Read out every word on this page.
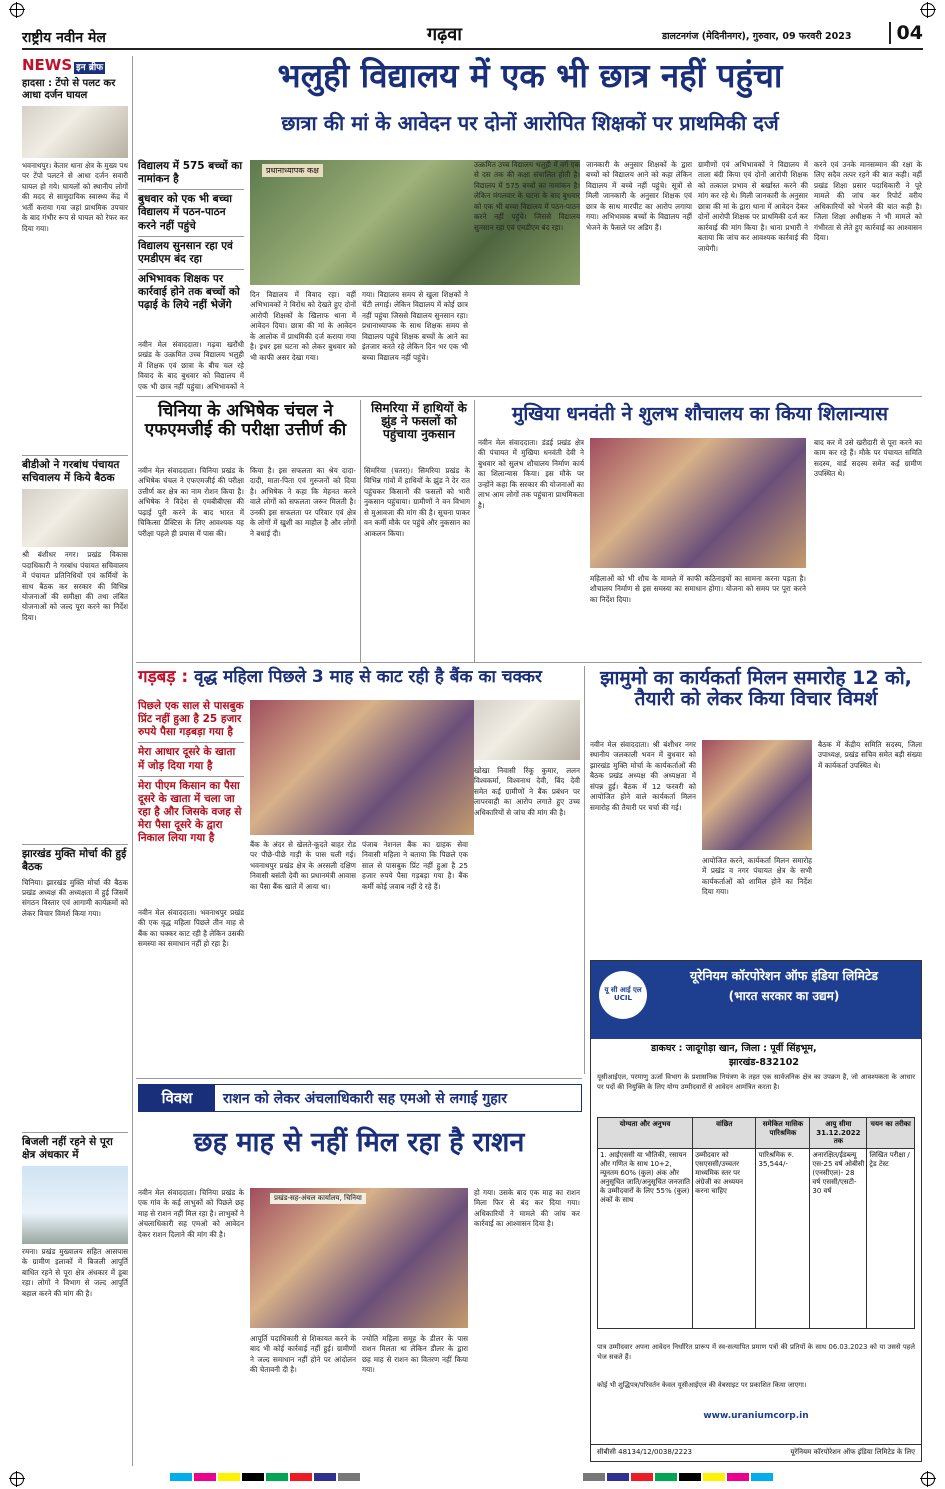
राष्ट्रीय नवीन मेल	गढ़वा	डालटनगंज (मेदिनीनगर), गुरुवार, 09 फरवरी 2023	04
NEWS इन ब्रीफ
हादसा : टेंपो से पलट कर आधा दर्जन घायल
भवनाथपुर। केतार थाना क्षेत्र के मुख्य पथ पर टेंपो पलटने से आधा दर्जन सवारी घायल हो गये। घायलों को स्थानीय लोगों की मदद से सामुदायिक स्वास्थ्य केंद्र में भर्ती कराया गया जहां प्राथमिक उपचार के बाद गंभीर रूप से घायल को रेफर कर दिया गया।
बीडीओ ने गरबांध पंचायत सचिवालय में किये बैठक
श्री बंशीधर नगर। प्रखंड विकास पदाधिकारी ने गरबांध पंचायत सचिवालय में पंचायत प्रतिनिधियों एवं कर्मियों के साथ बैठक कर सरकार की विभिन्न योजनाओं की समीक्षा की तथा लंबित योजनाओं को जल्द पूरा करने का निर्देश दिया।
झारखंड मुक्ति मोर्चा की हुई बैठक
चिनिया। झारखंड मुक्ति मोर्चा की बैठक प्रखंड अध्यक्ष की अध्यक्षता में हुई जिसमें संगठन विस्तार एवं आगामी कार्यक्रमों को लेकर विचार विमर्श किया गया।
बिजली नहीं रहने से पूरा क्षेत्र अंधकार में
रमना। प्रखंड मुख्यालय सहित आसपास के ग्रामीण इलाकों में बिजली आपूर्ति बाधित रहने से पूरा क्षेत्र अंधकार में डूबा रहा। लोगों ने विभाग से जल्द आपूर्ति बहाल करने की मांग की है।
भलुही विद्यालय में एक भी छात्र नहीं पहुंचा
छात्रा की मां के आवेदन पर दोनों आरोपित शिक्षकों पर प्राथमिकी दर्ज
विद्यालय में 575 बच्चों का नामांकन है
बुधवार को एक भी बच्चा विद्यालय में पठन-पाठन करने नहीं पहुंचे
विद्यालय सुनसान रहा एवं एमडीएम बंद रहा
अभिभावक शिक्षक पर कार्रवाई होने तक बच्चों को पढ़ाई के लिये नहीं भेजेंगे
प्रधानाध्यापक कक्ष
नवीन मेल संवाददाता। गढ़वा खरौंधी प्रखंड के उत्क्रमित उच्च विद्यालय भलुही में शिक्षक एवं छात्रा के बीच चल रहे विवाद के बाद बुधवार को विद्यालय में एक भी छात्र नहीं पहुंचा। अभिभावकों ने
दिन विद्यालय में विवाद रहा। वहीं अभिभावकों ने विरोध को देखते हुए दोनों आरोपी शिक्षकों के खिलाफ थाना में आवेदन दिया। छात्रा की मां के आवेदन के आलोक में प्राथमिकी दर्ज कराया गया है। इधर इस घटना को लेकर बुधवार को भी काफी असर देखा गया।
गया। विद्यालय समय से खुला शिक्षकों ने चेंटी लगाई। लेकिन विद्यालय में कोई छात्र नहीं पहुंचा जिससे विद्यालय सुनसान रहा। प्रधानाध्यापक के साथ शिक्षक समय से विद्यालय पहुंचे शिक्षक बच्चों के आने का इंतजार करते रहे लेकिन दिन भर एक भी बच्चा विद्यालय नहीं पहुंचे।
उत्क्रमित उच्च विद्यालय भलुही में वर्ग एक से दस तक की कक्षा संचालित होती है। विद्यालय में 575 बच्चों का नामांकन है। लेकिन मंगलवार के घटना के बाद बुधवार को एक भी बच्चा विद्यालय में पठन-पाठन करने नहीं पहुंचे। जिससे विद्यालय सुनसान रहा एवं एमडीएम बंद रहा।
जानकारी के अनुसार शिक्षकों के द्वारा बच्चों को विद्यालय आने को कहा लेकिन विद्यालय में बच्चे नहीं पहुंचे। सूत्रों से मिली जानकारी के अनुसार शिक्षक एवं छात्र के साथ मारपीट का आरोप लगाया गया। अभिभावक बच्चों के विद्यालय नहीं भेजने के फैसले पर अडिग हैं।
ग्रामीणों एवं अभिभावकों ने विद्यालय में ताला बंदी किया एवं दोनों आरोपी शिक्षक को तत्काल प्रभाव से बर्खास्त करने की मांग कर रहे थे। मिली जानकारी के अनुसार छात्रा की मां के द्वारा थाना में आवेदन देकर दोनों आरोपी शिक्षक पर प्राथमिकी दर्ज कर कार्रवाई की मांग किया है। थाना प्रभारी ने बताया कि जांच कर आवश्यक कार्रवाई की जायेगी।
करने एवं उनके मानसम्मान की रक्षा के लिए सदैव तत्पर रहने की बात कही। वहीं प्रखंड शिक्षा प्रसार पदाधिकारी ने पूरे मामले की जांच कर रिपोर्ट वरीय अधिकारियों को भेजने की बात कही है। जिला शिक्षा अधीक्षक ने भी मामले को गंभीरता से लेते हुए कार्रवाई का आश्वासन दिया।
चिनिया के अभिषेक चंचल ने एफएमजीई की परीक्षा उत्तीर्ण की
नवीन मेल संवाददाता। चिनिया प्रखंड के अभिषेक चंचल ने एफएमजीई की परीक्षा उत्तीर्ण कर क्षेत्र का नाम रोशन किया है। अभिषेक ने विदेश से एमबीबीएस की पढ़ाई पूरी करने के बाद भारत में चिकित्सा प्रैक्टिस के लिए आवश्यक यह परीक्षा पहले ही प्रयास में पास की।
किया है। इस सफलता का श्रेय दादा-दादी, माता-पिता एवं गुरुजनों को दिया है। अभिषेक ने कहा कि मेहनत करने वाले लोगों को सफलता जरूर मिलती है। उनकी इस सफलता पर परिवार एवं क्षेत्र के लोगों में खुशी का माहौल है और लोगों ने बधाई दी।
सिमरिया में हाथियों के झुंड ने फसलों को पहुंचाया नुकसान
सिमरिया (चतरा)। सिमरिया प्रखंड के विभिन्न गांवों में हाथियों के झुंड ने देर रात पहुंचकर किसानों की फसलों को भारी नुकसान पहुंचाया। ग्रामीणों ने वन विभाग से मुआवजा की मांग की है। सूचना पाकर वन कर्मी मौके पर पहुंचे और नुकसान का आकलन किया।
मुखिया धनवंती ने शुलभ शौचालय का किया शिलान्यास
नवीन मेल संवाददाता। डंडई प्रखंड क्षेत्र की पंचायत में मुखिया धनवंती देवी ने बुधवार को सुलभ शौचालय निर्माण कार्य का शिलान्यास किया। इस मौके पर उन्होंने कहा कि सरकार की योजनाओं का लाभ आम लोगों तक पहुंचाना प्राथमिकता है।
महिलाओं को भी शौच के मामले में काफी कठिनाइयों का सामना करना पड़ता है। शौचालय निर्माण से इस समस्या का समाधान होगा। योजना को समय पर पूरा करने का निर्देश दिया।
बाद कर में उसे खरीदारी से पूरा करने का काम कर रहे हैं। मौके पर पंचायत समिति सदस्य, वार्ड सदस्य समेत कई ग्रामीण उपस्थित थे।
गड़बड़ : वृद्ध महिला पिछले 3 माह से काट रही है बैंक का चक्कर
पिछले एक साल से पासबुक प्रिंट नहीं हुआ है 25 हजार रुपये पैसा गड़बड़ा गया है
मेरा आधार दूसरे के खाता में जोड़ दिया गया है
मेरा पीएम किसान का पैसा दूसरे के खाता में चला जा रहा है और जिसके वजह से मेरा पैसा दूसरे के द्वारा निकाल लिया गया है
नवीन मेल संवाददाता। भवनाथपुर प्रखंड की एक वृद्ध महिला पिछले तीन माह से बैंक का चक्कर काट रही है लेकिन उसकी समस्या का समाधान नहीं हो रहा है।
बैंक के अंदर से खेलते-कूदते बाहर रोड पर पीछे-पीछे गाड़ी के पास चली गई। भवनाथपुर प्रखंड क्षेत्र के अरसली दक्षिण निवासी बसंती देवी का प्रधानमंत्री आवास का पैसा बैंक खाते में आया था।
पंजाब नेशनल बैंक का ग्राहक सेवा निवासी महिला ने बताया कि पिछले एक साल से पासबुक प्रिंट नहीं हुआ है 25 हजार रुपये पैसा गड़बड़ा गया है। बैंक कर्मी कोई जवाब नहीं दे रहे हैं।
खोखा निवासी रिंकू कुमार, ललन विश्वकर्मा, विश्वनाथ देवी, बिंद देवी समेत कई ग्रामीणों ने बैंक प्रबंधन पर लापरवाही का आरोप लगाते हुए उच्च अधिकारियों से जांच की मांग की है।
झामुमो का कार्यकर्ता मिलन समारोह 12 को, तैयारी को लेकर किया विचार विमर्श
नवीन मेल संवाददाता। श्री बंशीधर नगर स्थानीय जलकाली भवन में बुधवार को झारखंड मुक्ति मोर्चा के कार्यकर्ताओं की बैठक प्रखंड अध्यक्ष की अध्यक्षता में संपन्न हुई। बैठक में 12 फरवरी को आयोजित होने वाले कार्यकर्ता मिलन समारोह की तैयारी पर चर्चा की गई।
आयोजित करने, कार्यकर्ता मिलन समारोह में प्रखंड व नगर पंचायत क्षेत्र के सभी कार्यकर्ताओं को शामिल होने का निर्देश दिया गया।
बैठक में केंद्रीय समिति सदस्य, जिला उपाध्यक्ष, प्रखंड सचिव समेत बड़ी संख्या में कार्यकर्ता उपस्थित थे।
यू सी आई एल UCIL
यूरेनियम कॉरपोरेशन ऑफ इंडिया लिमिटेड
(भारत सरकार का उद्यम)
डाकघर : जादूगोड़ा खान, जिला : पूर्वी सिंहभूम,
झारखंड-832102
यूसीआईएल, परमाणु ऊर्जा विभाग के प्रशासनिक नियंत्रण के तहत एक सार्वजनिक क्षेत्र का उपक्रम है, जो आवश्यकता के आधार पर पदों की नियुक्ति के लिए योग्य उम्मीदवारों से आवेदन आमंत्रित करता है।
योग्यता और अनुभव	वांछित	समेकित मासिक पारिश्रमिक	आयु सीमा 31.12.2022 तक	चयन का तरीका
1. आईएससी या भौतिकी, रसायन और गणित के साथ 10+2, न्यूनतम 60% (कुल) अंक और अनुसूचित जाति/अनुसूचित जनजाति के उम्मीदवारों के लिए 55% (कुल) अंकों के साथ	उम्मीदवार को एसएससी/उच्चतर माध्यमिक स्तर पर अंग्रेजी का अध्ययन करना चाहिए	पारिश्रमिक रु. 35,544/-	अनारक्षित/ईडब्ल्यू एस-25 वर्ष ओबीसी (एनसीएल)- 28 वर्ष एससी/एसटी- 30 वर्ष	लिखित परीक्षा / ट्रेड टेस्ट
पात्र उम्मीदवार अपना आवेदन निर्धारित प्रारूप में स्व-सत्यापित प्रमाण पत्रों की प्रतियों के साथ 06.03.2023 को या उससे पहले भेज सकते हैं।
कोई भी शुद्धिपत्र/परिवर्तन केवल यूसीआईएल की वेबसाइट पर प्रकाशित किया जाएगा।
www.uraniumcorp.in
सीबीसी 48134/12/0038/2223	यूरेनियम कॉरपोरेशन ऑफ इंडिया लिमिटेड के लिए
विवश	राशन को लेकर अंचलाधिकारी सह एमओ से लगाई गुहार
छह माह से नहीं मिल रहा है राशन
नवीन मेल संवाददाता। चिनिया प्रखंड के एक गांव के कई लाभुकों को पिछले छह माह से राशन नहीं मिल रहा है। लाभुकों ने अंचलाधिकारी सह एमओ को आवेदन देकर राशन दिलाने की मांग की है।
प्रखंड-सह-अंचल कार्यालय, चिनिया
आपूर्ति पदाधिकारी से शिकायत करने के बाद भी कोई कार्रवाई नहीं हुई। ग्रामीणों ने जल्द समाधान नहीं होने पर आंदोलन की चेतावनी दी है।
ज्योति महिला समूह के डीलर के पास राशन मिलता था लेकिन डीलर के द्वारा छह माह से राशन का वितरण नहीं किया गया।
हो गया। उसके बाद एक माह का राशन मिला फिर से बंद कर दिया गया। अधिकारियों ने मामले की जांच कर कार्रवाई का आश्वासन दिया है।
